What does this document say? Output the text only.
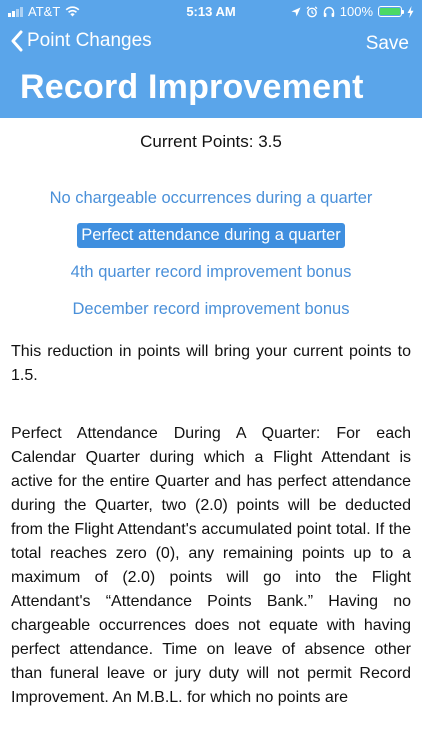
AT&T	5:13 AM	100%
Point Changes	Save
Record Improvement
Current Points: 3.5
No chargeable occurrences during a quarter
Perfect attendance during a quarter
4th quarter record improvement bonus
December record improvement bonus
This reduction in points will bring your current points to 1.5.
Perfect Attendance During A Quarter: For each Calendar Quarter during which a Flight Attendant is active for the entire Quarter and has perfect attendance during the Quarter, two (2.0) points will be deducted from the Flight Attendant's accumulated point total. If the total reaches zero (0), any remaining points up to a maximum of (2.0) points will go into the Flight Attendant's “Attendance Points Bank.” Having no chargeable occurrences does not equate with having perfect attendance. Time on leave of absence other than funeral leave or jury duty will not permit Record Improvement. An M.B.L. for which no points are
